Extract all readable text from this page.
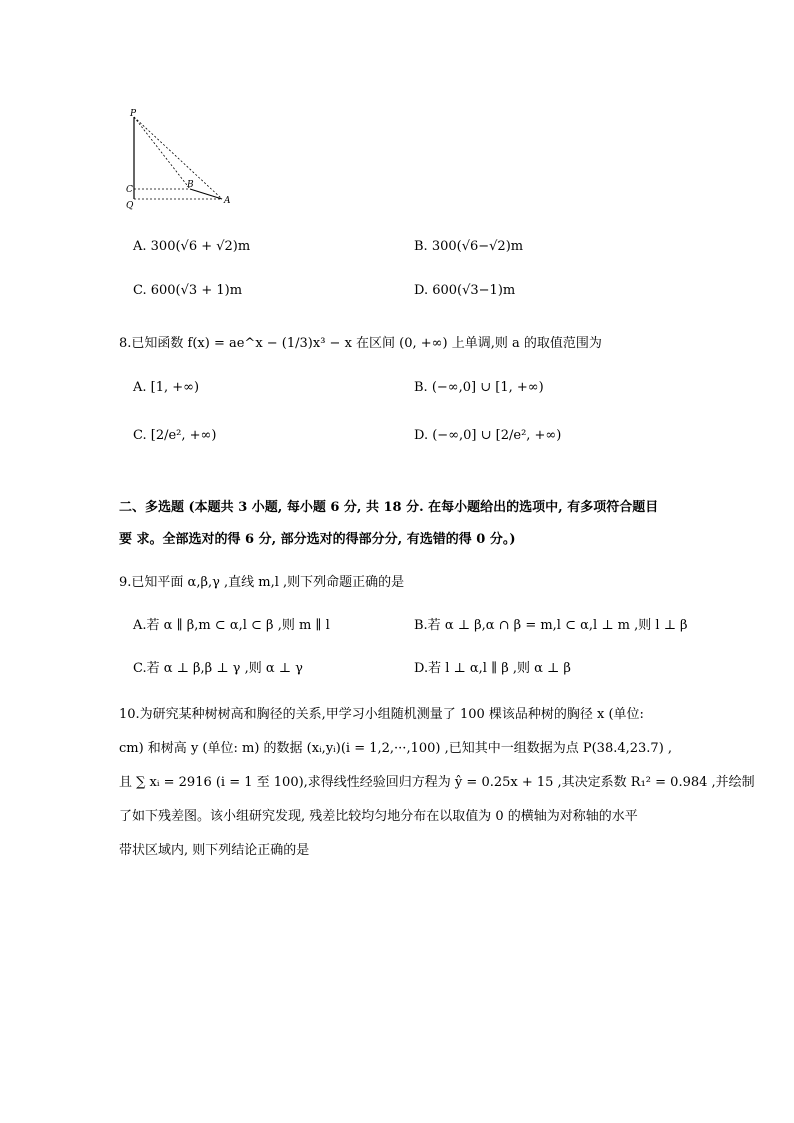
P
C
Q
B
A
A. 300(√6 + √2)m	B. 300(√6−√2)m
C. 600(√3 + 1)m	D. 600(√3−1)m
8.已知函数 f(x) = ae^x − (1/3)x³ − x 在区间 (0, +∞) 上单调,则 a 的取值范围为
A. [1, +∞)	B. (−∞,0] ∪ [1, +∞)
C. [2/e², +∞)	D. (−∞,0] ∪ [2/e², +∞)
二、多选题 (本题共 3 小题, 每小题 6 分, 共 18 分. 在每小题给出的选项中, 有多项符合题目
要 求。全部选对的得 6 分, 部分选对的得部分分, 有选错的得 0 分。)
9.已知平面 α,β,γ ,直线 m,l ,则下列命题正确的是
A.若 α ∥ β,m ⊂ α,l ⊂ β ,则 m ∥ l	B.若 α ⊥ β,α ∩ β = m,l ⊂ α,l ⊥ m ,则 l ⊥ β
C.若 α ⊥ β,β ⊥ γ ,则 α ⊥ γ	D.若 l ⊥ α,l ∥ β ,则 α ⊥ β
10.为研究某种树树高和胸径的关系,甲学习小组随机测量了 100 棵该品种树的胸径 x (单位:
cm) 和树高 y (单位: m) 的数据 (xᵢ,yᵢ)(i = 1,2,···,100) ,已知其中一组数据为点 P(38.4,23.7) ,
且 ∑ xᵢ = 2916 (i = 1 至 100),求得线性经验回归方程为 ŷ = 0.25x + 15 ,其决定系数 R₁² = 0.984 ,并绘制
了如下残差图。该小组研究发现, 残差比较均匀地分布在以取值为 0 的横轴为对称轴的水平
带状区域内, 则下列结论正确的是
